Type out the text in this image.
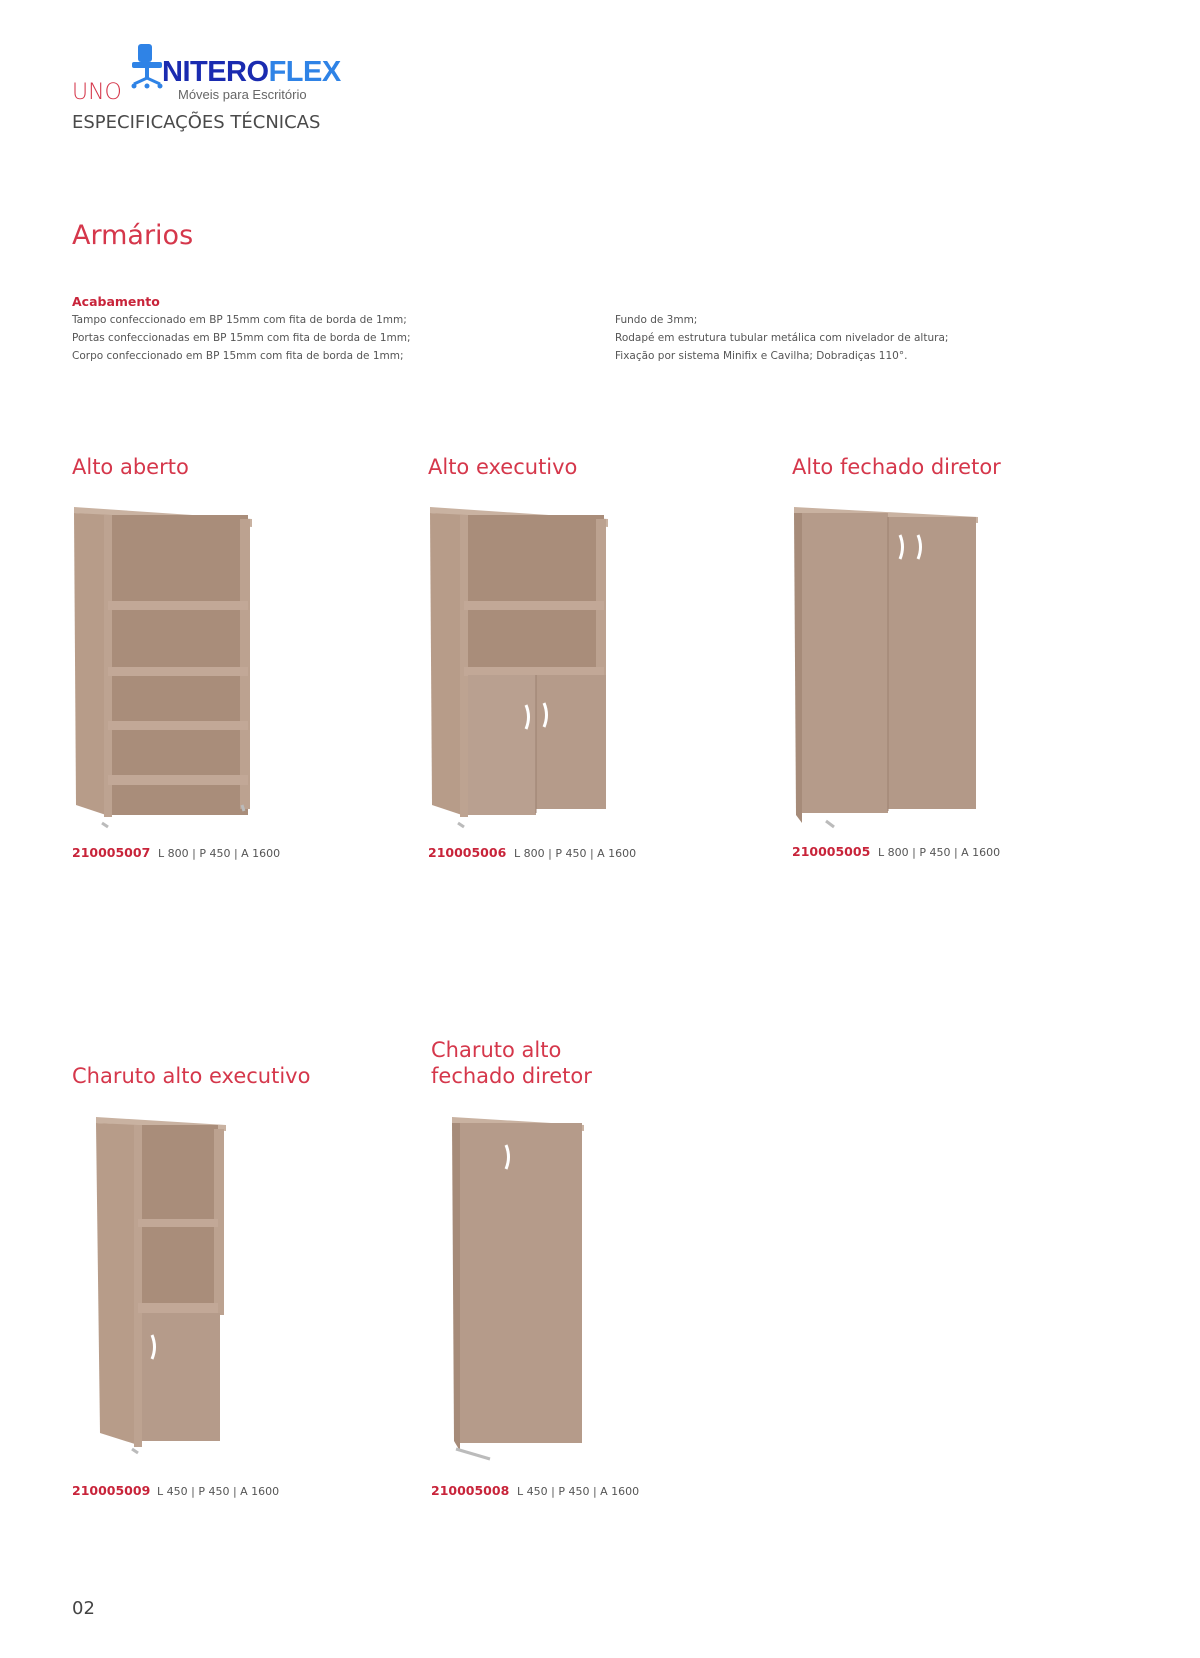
NITEROFLEX
Móveis para Escritório
UNO
ESPECIFICAÇÕES TÉCNICAS
Armários
Acabamento
Tampo confeccionado em BP 15mm com fita de borda de 1mm;
Portas confeccionadas em BP 15mm com fita de borda de 1mm;
Corpo confeccionado em BP 15mm com fita de borda de 1mm;
Fundo de 3mm;
Rodapé em estrutura tubular metálica com nivelador de altura;
Fixação por sistema Minifix e Cavilha; Dobradiças 110°.
Alto aberto
210005007 L 800 | P 450 | A 1600
Alto executivo
210005006 L 800 | P 450 | A 1600
Alto fechado diretor
210005005 L 800 | P 450 | A 1600
Charuto alto executivo
210005009 L 450 | P 450 | A 1600
Charuto alto
fechado diretor
210005008 L 450 | P 450 | A 1600
02
